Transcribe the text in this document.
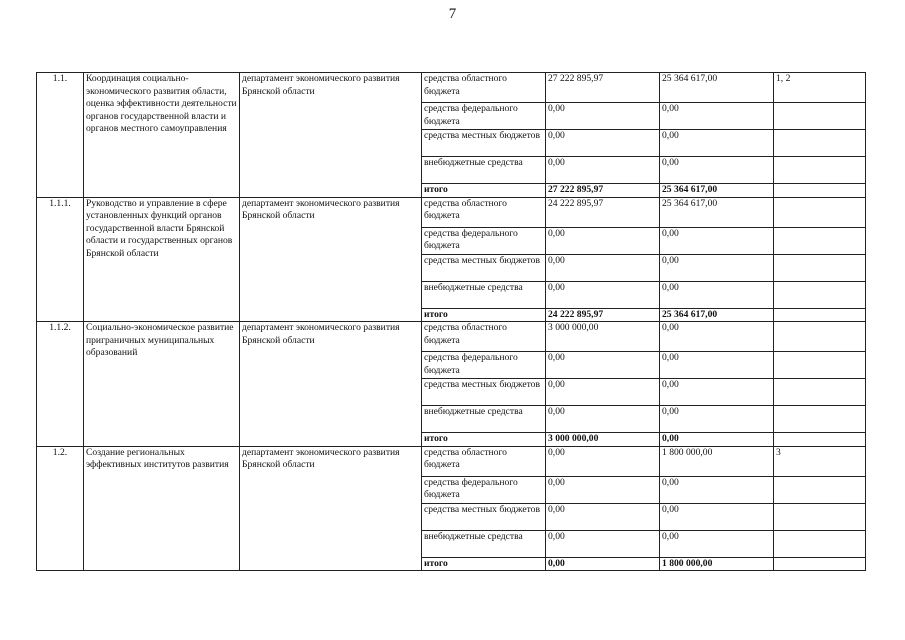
7
1.1.	Координация социально-экономического развития области, оценка эффективности деятельности органов государственной власти и органов местного самоуправления	департамент экономического развития Брянской области	средства областного бюджета	27 222 895,97	25 364 617,00	1, 2
			средства федерального бюджета	0,00	0,00	
			средства местных бюджетов	0,00	0,00	
			внебюджетные средства	0,00	0,00	
			итого	27 222 895,97	25 364 617,00	
1.1.1.	Руководство и управление в сфере установленных функций органов государственной власти Брянской области и государственных органов Брянской области	департамент экономического развития Брянской области	средства областного бюджета	24 222 895,97	25 364 617,00	
			средства федерального бюджета	0,00	0,00	
			средства местных бюджетов	0,00	0,00	
			внебюджетные средства	0,00	0,00	
			итого	24 222 895,97	25 364 617,00	
1.1.2.	Социально-экономическое развитие приграничных муниципальных образований	департамент экономического развития Брянской области	средства областного бюджета	3 000 000,00	0,00	
			средства федерального бюджета	0,00	0,00	
			средства местных бюджетов	0,00	0,00	
			внебюджетные средства	0,00	0,00	
			итого	3 000 000,00	0,00	
1.2.	Создание региональных эффективных институтов развития	департамент экономического развития Брянской области	средства областного бюджета	0,00	1 800 000,00	3
			средства федерального бюджета	0,00	0,00	
			средства местных бюджетов	0,00	0,00	
			внебюджетные средства	0,00	0,00	
			итого	0,00	1 800 000,00	
